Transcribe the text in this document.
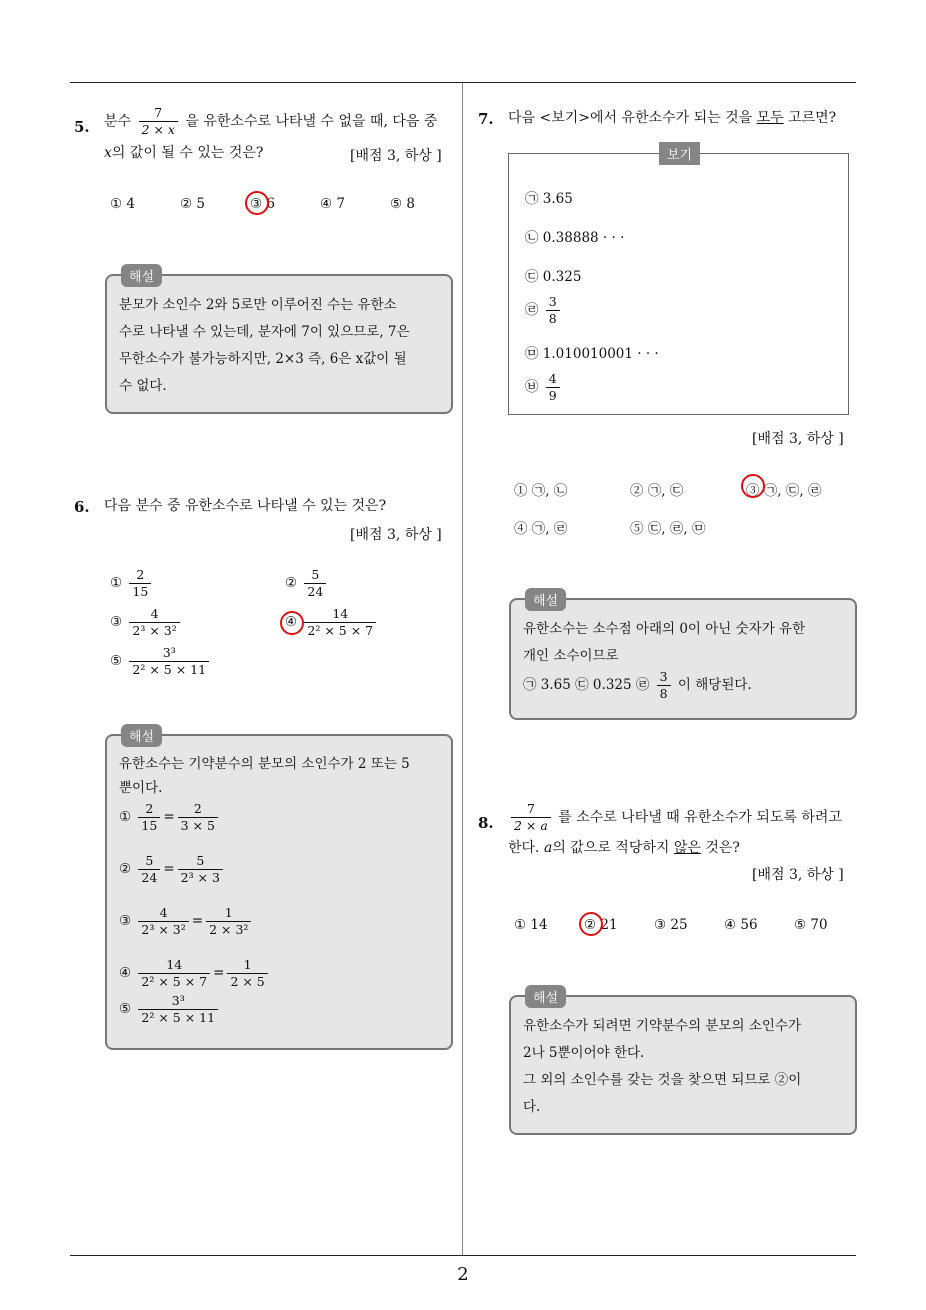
5. 분수 $\frac{7}{2 \times x}$ 을 유한소수로 나타낼 수 없을 때, 다음 중
x의 값이 될 수 있는 것은?	[배점 3, 하상 ]
① 4	② 5	③ 6	④ 7	⑤ 8
해설
분모가 소인수 2와 5로만 이루어진 수는 유한소
수로 나타낼 수 있는데, 분자에 7이 있으므로, 7은
무한소수가 불가능하지만, 2×3 즉, 6은 x값이 될
수 없다.
6. 다음 분수 중 유한소수로 나타낼 수 있는 것은?
[배점 3, 하상 ]
① $\frac{2}{15}$	② $\frac{5}{24}$
③ $\frac{4}{\text{2³ × 3²}}$	④ $\frac{14}{\text{2² × 5 × 7}}$
⑤ $\frac{\text{3³}}{\text{2² × 5 × 11}}$
해설
유한소수는 기약분수의 분모의 소인수가 2 또는 5
뿐이다.
① $\frac{2}{15} = \frac{2}{3 \times 5}$
② $\frac{5}{24} = \frac{5}{\text{2³ × 3}}$
③ $\frac{4}{\text{2³ × 3²}} = \frac{1}{\text{2 × 3²}}$
④ $\frac{14}{\text{2² × 5 × 7}} = \frac{1}{2 \times 5}$
⑤ $\frac{\text{3³}}{\text{2² × 5 × 11}}$
7. 다음 <보기>에서 유한소수가 되는 것을 모두 고르면?
보기
㉠ 3.65
㉡ 0.38888 · · ·
㉢ 0.325
㉣ $\frac{3}{8}$
㉤ 1.010010001 · · ·
㉥ $\frac{4}{9}$
[배점 3, 하상 ]
① ㉠, ㉡	② ㉠, ㉢	③ ㉠, ㉢, ㉣
④ ㉠, ㉣	⑤ ㉢, ㉣, ㉤
해설
유한소수는 소수점 아래의 0이 아닌 숫자가 유한
개인 소수이므로
㉠ 3.65 ㉢ 0.325 ㉣ $\frac{3}{8}$ 이 해당된다.
8. $\frac{7}{2 \times a}$ 를 소수로 나타낼 때 유한소수가 되도록 하려고
한다. a의 값으로 적당하지 않은 것은?
[배점 3, 하상 ]
① 14	② 21	③ 25	④ 56	⑤ 70
해설
유한소수가 되려면 기약분수의 분모의 소인수가
2나 5뿐이어야 한다.
그 외의 소인수를 갖는 것을 찾으면 되므로 ②이
다.
2
